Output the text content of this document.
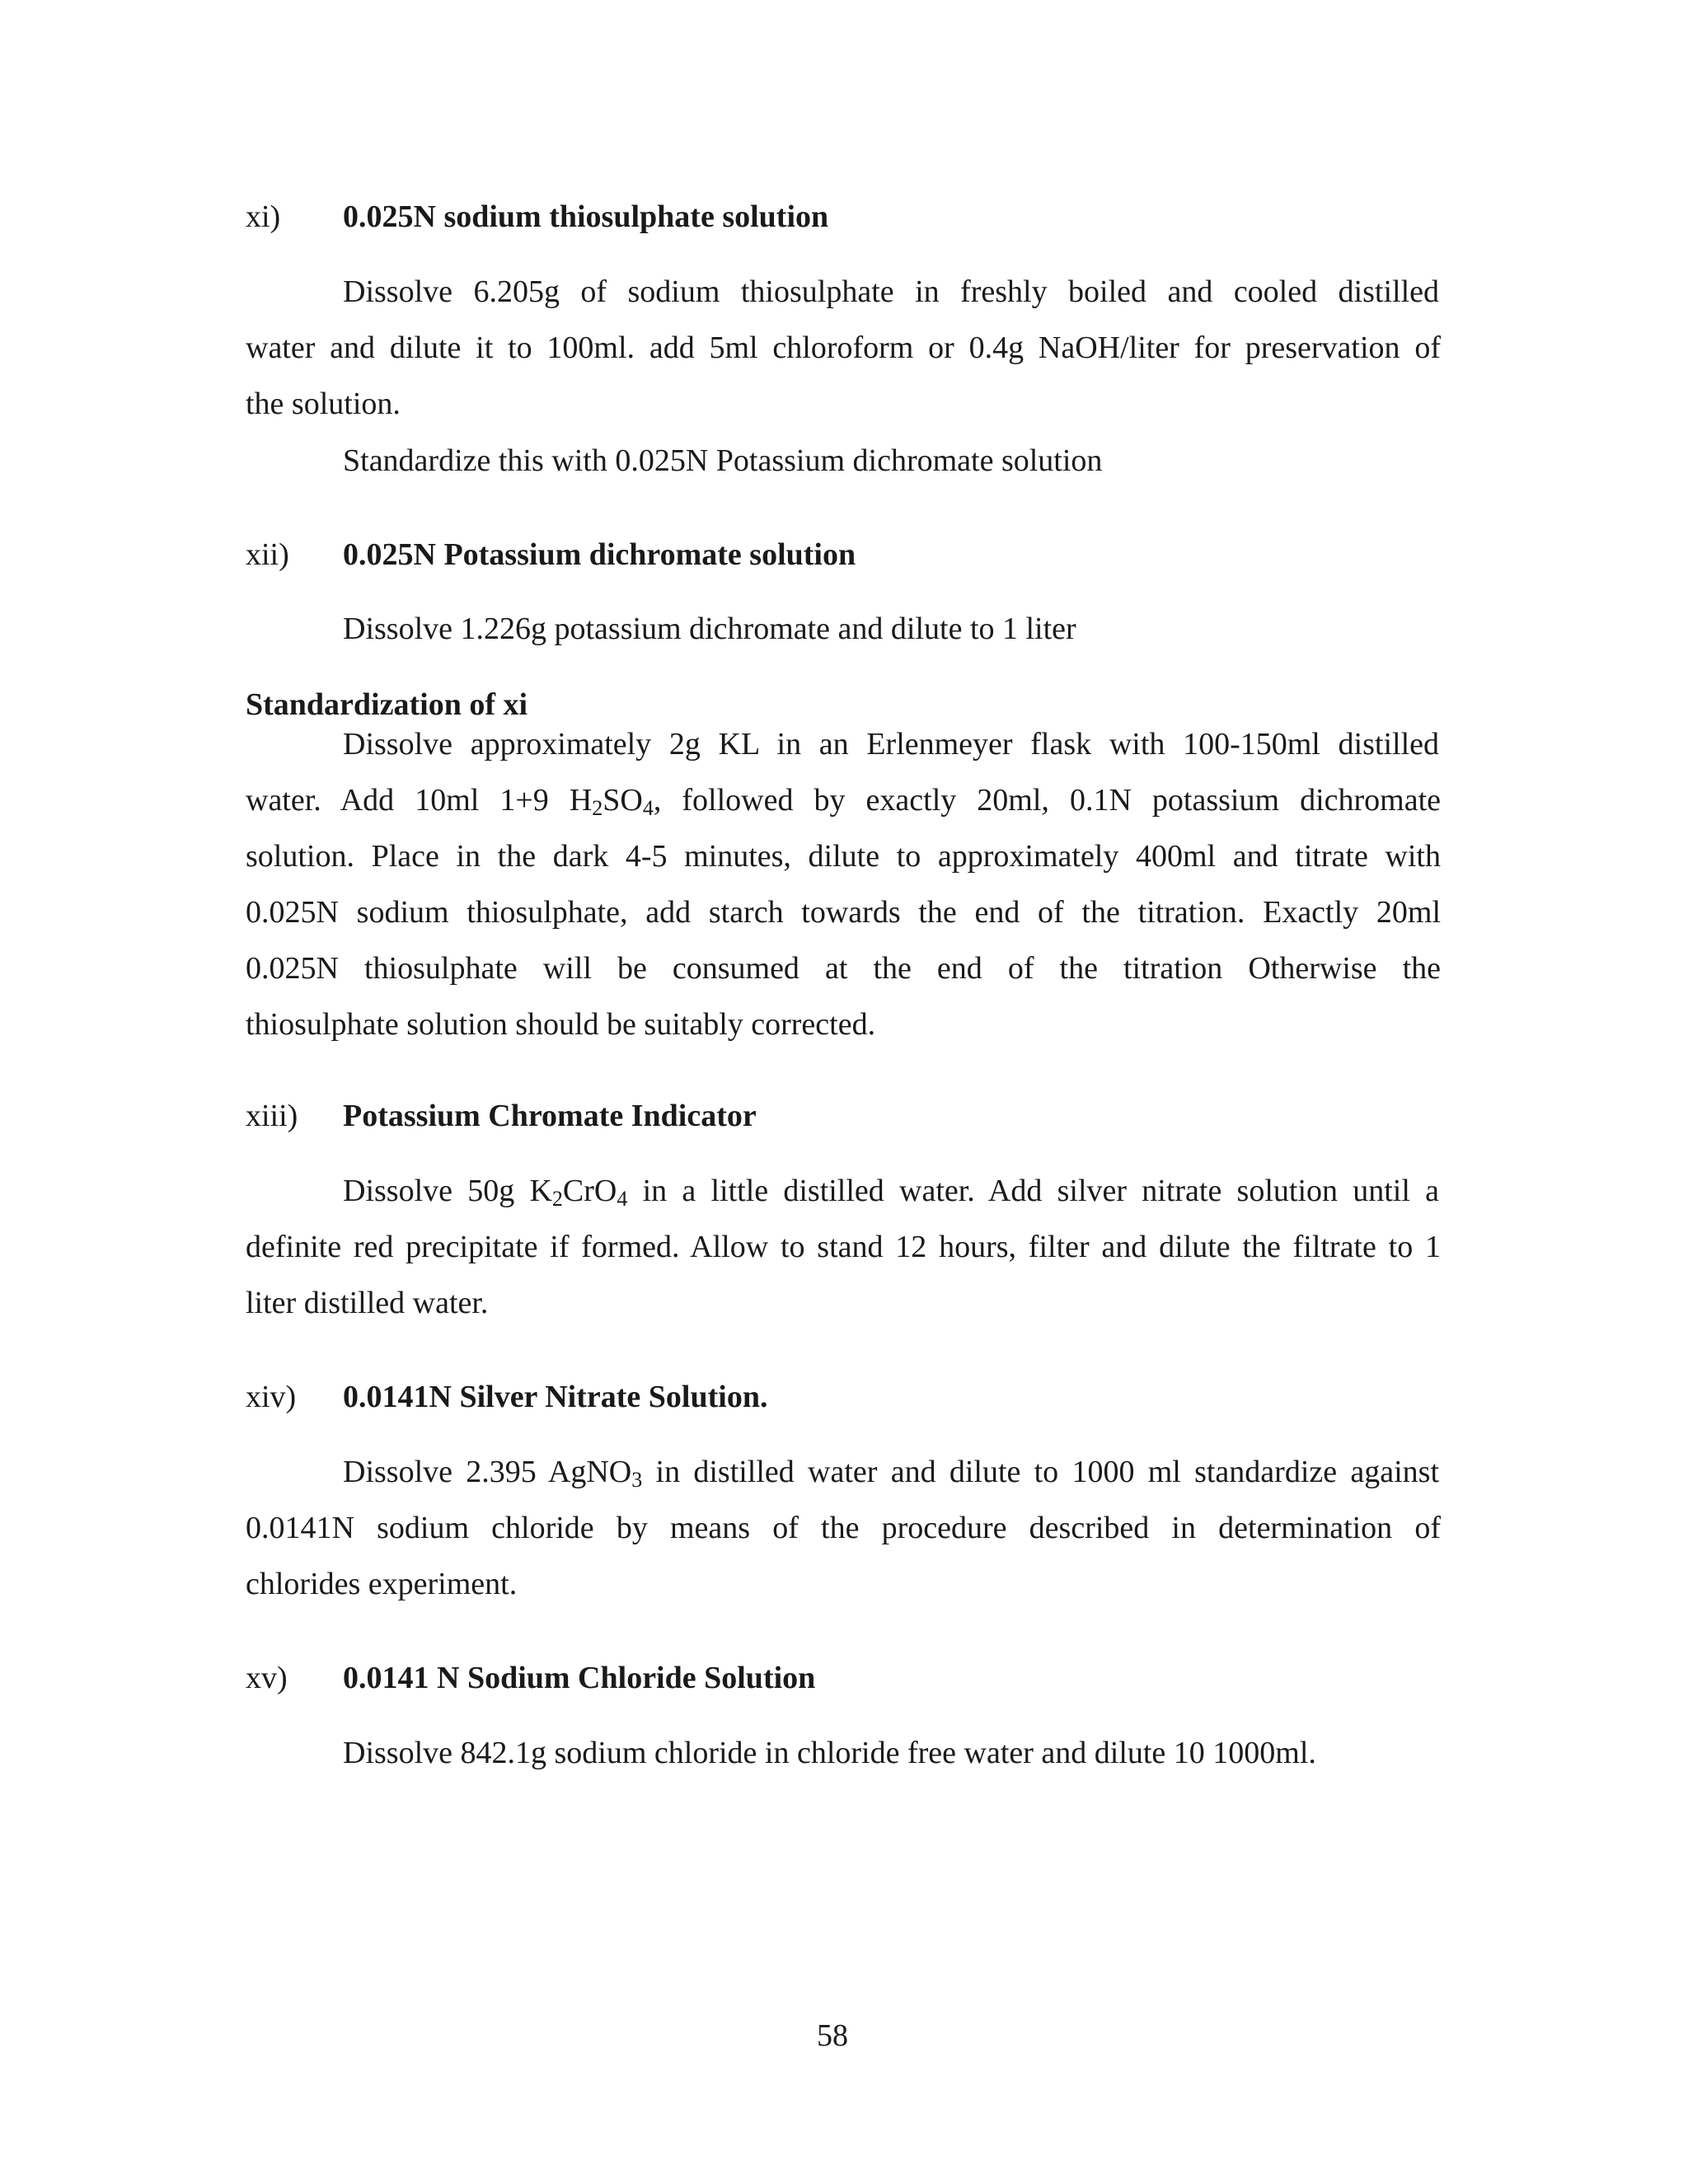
xi) 0.025N sodium thiosulphate solution
Dissolve 6.205g of sodium thiosulphate in freshly boiled and cooled distilled
water and dilute it to 100ml. add 5ml chloroform or 0.4g NaOH/liter for preservation of
the solution.
Standardize this with 0.025N Potassium dichromate solution
xii) 0.025N Potassium dichromate solution
Dissolve 1.226g potassium dichromate and dilute to 1 liter
Standardization of xi
Dissolve approximately 2g KL in an Erlenmeyer flask with 100-150ml distilled
water. Add 10ml 1+9 $H_2SO_4$, followed by exactly 20ml, 0.1N potassium dichromate
solution. Place in the dark 4-5 minutes, dilute to approximately 400ml and titrate with
0.025N sodium thiosulphate, add starch towards the end of the titration. Exactly 20ml
0.025N thiosulphate will be consumed at the end of the titration Otherwise the
thiosulphate solution should be suitably corrected.
xiii) Potassium Chromate Indicator
Dissolve 50g $K_2CrO_4$ in a little distilled water. Add silver nitrate solution until a
definite red precipitate if formed. Allow to stand 12 hours, filter and dilute the filtrate to 1
liter distilled water.
xiv) 0.0141N Silver Nitrate Solution.
Dissolve 2.395 AgNO$_3$ in distilled water and dilute to 1000 ml standardize against
0.0141N sodium chloride by means of the procedure described in determination of
chlorides experiment.
xv) 0.0141 N Sodium Chloride Solution
Dissolve 842.1g sodium chloride in chloride free water and dilute 10 1000ml.
58
